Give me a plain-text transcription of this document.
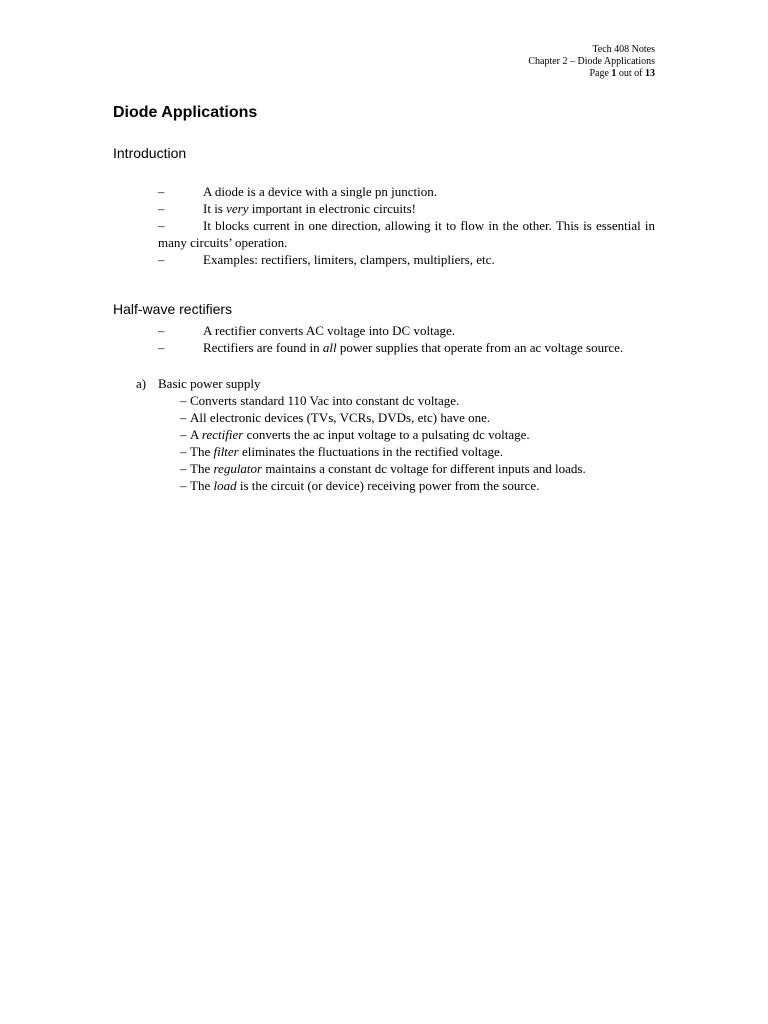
Tech 408 Notes
Chapter 2 – Diode Applications
Page 1 out of 13
Diode Applications
Introduction
–	A diode is a device with a single pn junction.
–	It is very important in electronic circuits!
–	It blocks current in one direction, allowing it to flow in the other. This is essential in many circuits’ operation.
–	Examples: rectifiers, limiters, clampers, multipliers, etc.
Half-wave rectifiers
–	A rectifier converts AC voltage into DC voltage.
–	Rectifiers are found in all power supplies that operate from an ac voltage source.
a) Basic power supply
– Converts standard 110 Vac into constant dc voltage.
– All electronic devices (TVs, VCRs, DVDs, etc) have one.
– A rectifier converts the ac input voltage to a pulsating dc voltage.
– The filter eliminates the fluctuations in the rectified voltage.
– The regulator maintains a constant dc voltage for different inputs and loads.
– The load is the circuit (or device) receiving power from the source.
